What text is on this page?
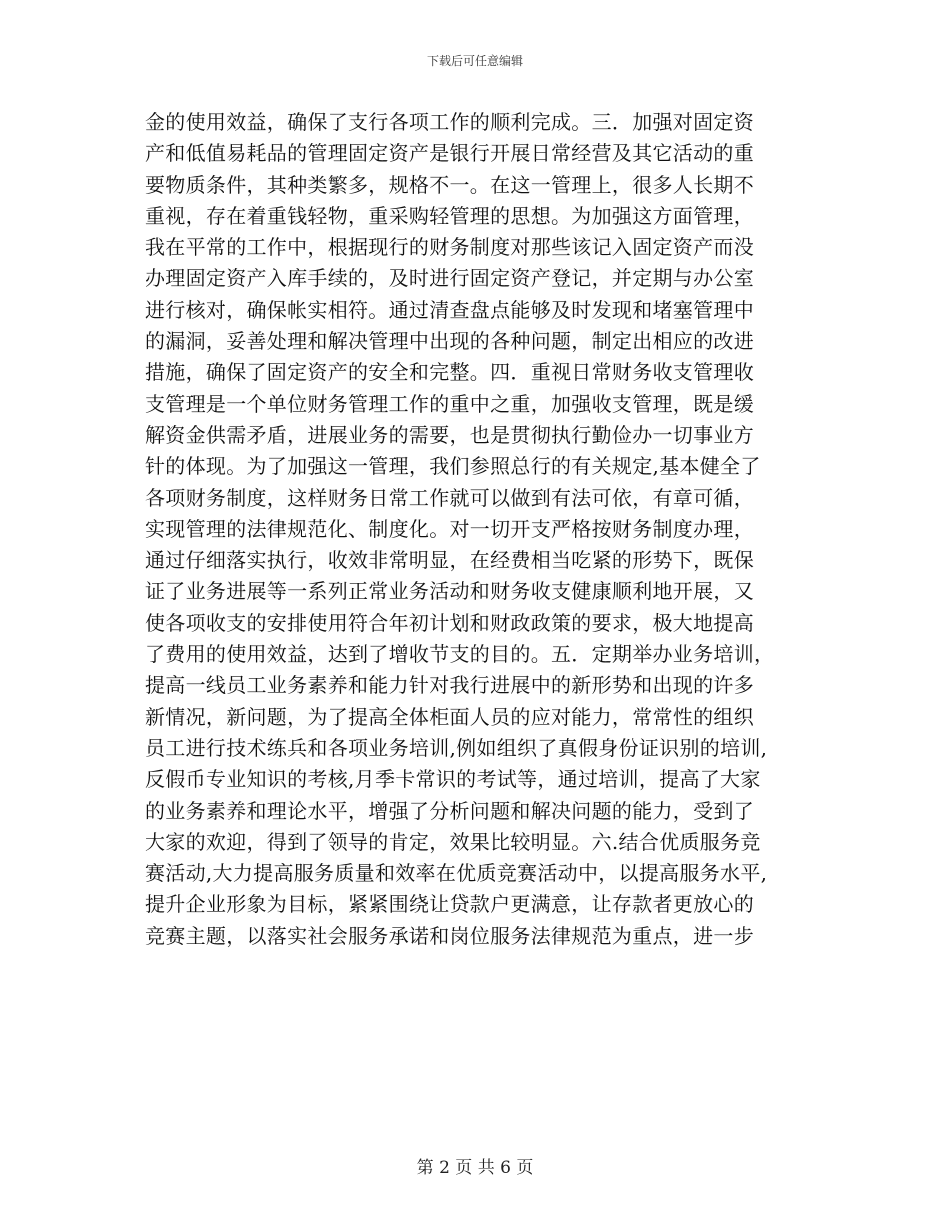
下载后可任意编辑
金的使用效益，确保了支行各项工作的顺利完成。三．加强对固定资
产和低值易耗品的管理固定资产是银行开展日常经营及其它活动的重
要物质条件，其种类繁多，规格不一。在这一管理上，很多人长期不
重视，存在着重钱轻物，重采购轻管理的思想。为加强这方面管理，
我在平常的工作中，根据现行的财务制度对那些该记入固定资产而没
办理固定资产入库手续的，及时进行固定资产登记，并定期与办公室
进行核对，确保帐实相符。通过清查盘点能够及时发现和堵塞管理中
的漏洞，妥善处理和解决管理中出现的各种问题，制定出相应的改进
措施，确保了固定资产的安全和完整。四．重视日常财务收支管理收
支管理是一个单位财务管理工作的重中之重，加强收支管理，既是缓
解资金供需矛盾，进展业务的需要，也是贯彻执行勤俭办一切事业方
针的体现。为了加强这一管理，我们参照总行的有关规定,基本健全了
各项财务制度，这样财务日常工作就可以做到有法可依，有章可循，
实现管理的法律规范化、制度化。对一切开支严格按财务制度办理，
通过仔细落实执行，收效非常明显，在经费相当吃紧的形势下，既保
证了业务进展等一系列正常业务活动和财务收支健康顺利地开展，又
使各项收支的安排使用符合年初计划和财政政策的要求，极大地提高
了费用的使用效益，达到了增收节支的目的。五．定期举办业务培训，
提高一线员工业务素养和能力针对我行进展中的新形势和出现的许多
新情况，新问题，为了提高全体柜面人员的应对能力，常常性的组织
员工进行技术练兵和各项业务培训,例如组织了真假身份证识别的培训,
反假币专业知识的考核,月季卡常识的考试等，通过培训，提高了大家
的业务素养和理论水平，增强了分析问题和解决问题的能力，受到了
大家的欢迎，得到了领导的肯定，效果比较明显。六.结合优质服务竞
赛活动,大力提高服务质量和效率在优质竞赛活动中，以提高服务水平,
提升企业形象为目标，紧紧围绕让贷款户更满意，让存款者更放心的
竞赛主题，以落实社会服务承诺和岗位服务法律规范为重点，进一步
第 2 页 共 6 页
